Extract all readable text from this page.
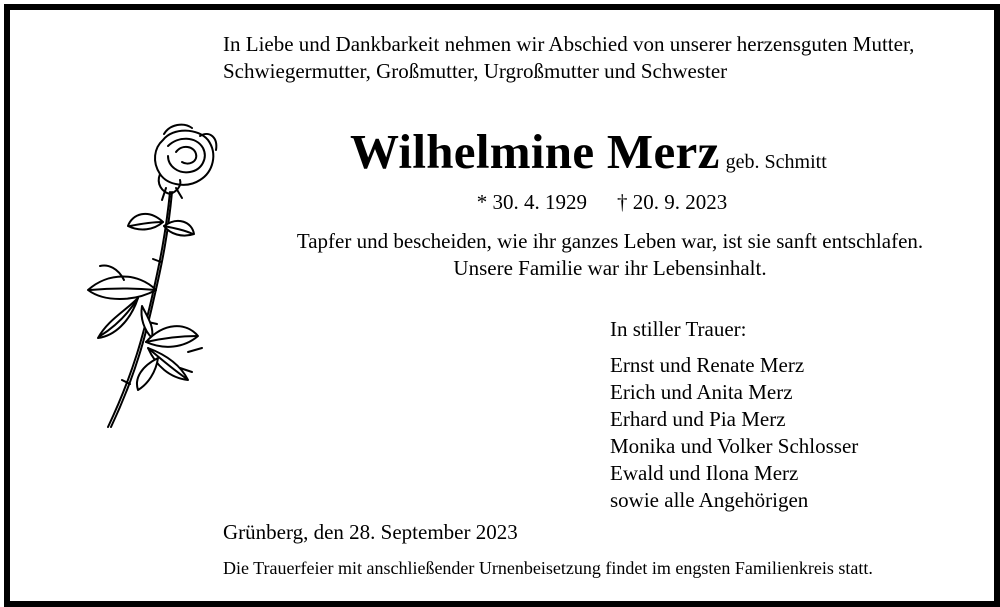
In Liebe und Dankbarkeit nehmen wir Abschied von unserer herzensguten Mutter,
Schwiegermutter, Großmutter, Urgroßmutter und Schwester
Wilhelmine Merz geb. Schmitt
* 30. 4. 1929 † 20. 9. 2023
Tapfer und bescheiden, wie ihr ganzes Leben war, ist sie sanft entschlafen.
Unsere Familie war ihr Lebensinhalt.
In stiller Trauer:
Ernst und Renate Merz
Erich und Anita Merz
Erhard und Pia Merz
Monika und Volker Schlosser
Ewald und Ilona Merz
sowie alle Angehörigen
Grünberg, den 28. September 2023
Die Trauerfeier mit anschließender Urnenbeisetzung findet im engsten Familienkreis statt.
